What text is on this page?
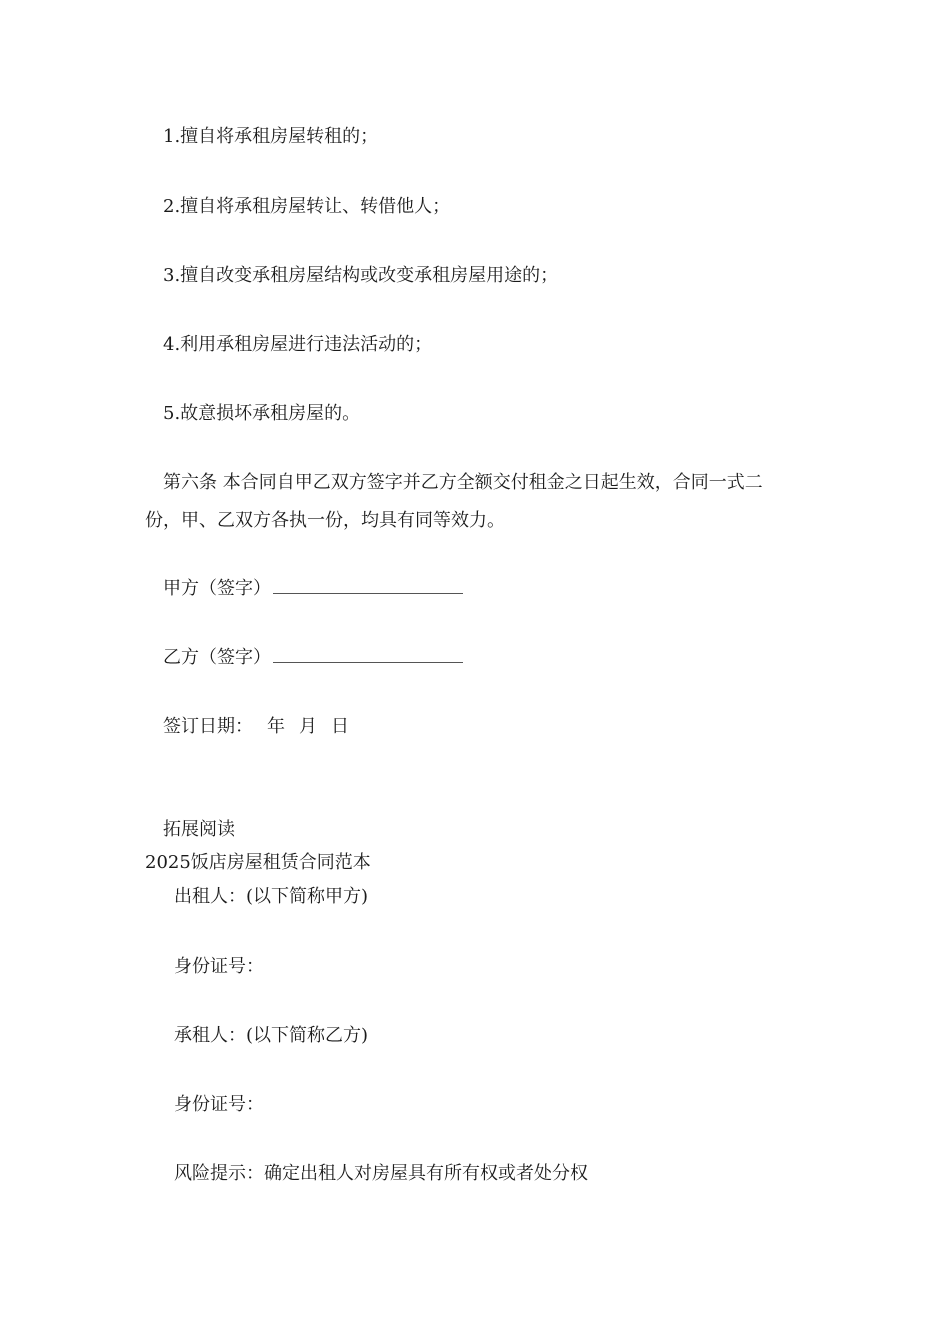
1.擅自将承租房屋转租的；
2.擅自将承租房屋转让、转借他人；
3.擅自改变承租房屋结构或改变承租房屋用途的；
4.利用承租房屋进行违法活动的；
5.故意损坏承租房屋的。
第六条 本合同自甲乙双方签字并乙方全额交付租金之日起生效，合同一式二
份，甲、乙双方各执一份，均具有同等效力。
甲方（签字）
乙方（签字）
签订日期： 年 月 日
拓展阅读
2025饭店房屋租赁合同范本
出租人：(以下简称甲方)
身份证号：
承租人：(以下简称乙方)
身份证号：
风险提示：确定出租人对房屋具有所有权或者处分权
